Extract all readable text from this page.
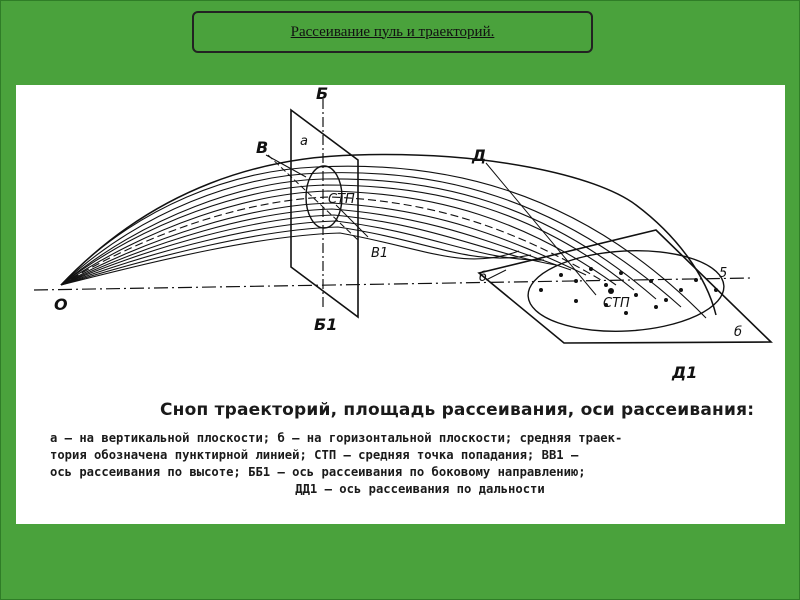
Рассеивание пуль и траекторий.
О
Б
Б1
а
В
В1
СТП
Д
Д1
б
б
5
СТП
Сноп траекторий, площадь рассеивания, оси рассеивания:
а — на вертикальной плоскости; б — на горизонтальной плоскости; средняя траек-
тория обозначена пунктирной линией; СТП — средняя точка попадания; ВВ1 —
ось рассеивания по высоте; ББ1 — ось рассеивания по боковому направлению;
ДД1 — ось рассеивания по дальности
